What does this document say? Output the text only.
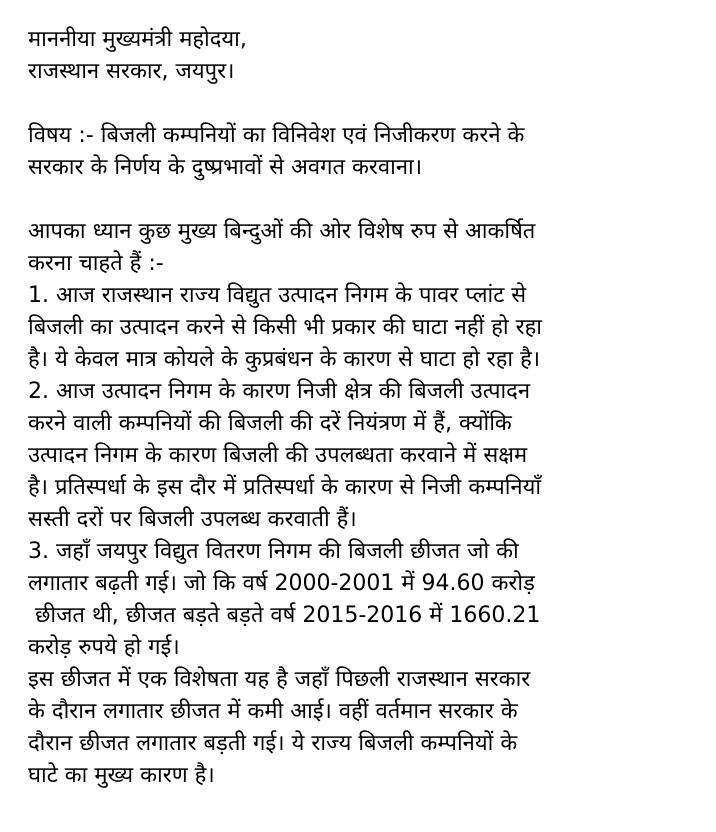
माननीया मुख्यमंत्री महोदया,
राजस्थान सरकार, जयपुर।
विषय :- बिजली कम्पनियों का विनिवेश एवं निजीकरण करने के
सरकार के निर्णय के दुष्प्रभावों से अवगत करवाना।
आपका ध्यान कुछ मुख्य बिन्दुओं की ओर विशेष रुप से आकर्षित
करना चाहते हैं :-
1. आज राजस्थान राज्य विद्युत उत्पादन निगम के पावर प्लांट से
बिजली का उत्पादन करने से किसी भी प्रकार की घाटा नहीं हो रहा
है। ये केवल मात्र कोयले के कुप्रबंधन के कारण से घाटा हो रहा है।
2. आज उत्पादन निगम के कारण निजी क्षेत्र की बिजली उत्पादन
करने वाली कम्पनियों की बिजली की दरें नियंत्रण में हैं, क्योंकि
उत्पादन निगम के कारण बिजली की उपलब्धता करवाने में सक्षम
है। प्रतिस्पर्धा के इस दौर में प्रतिस्पर्धा के कारण से निजी कम्पनियाँ
सस्ती दरों पर बिजली उपलब्ध करवाती हैं।
3. जहाँ जयपुर विद्युत वितरण निगम की बिजली छीजत जो की
लगातार बढ़ती गई। जो कि वर्ष 2000-2001 में 94.60 करोड़
छीजत थी, छीजत बड़ते बड़ते वर्ष 2015-2016 में 1660.21
करोड़ रुपये हो गई।
इस छीजत में एक विशेषता यह है जहाँ पिछली राजस्थान सरकार
के दौरान लगातार छीजत में कमी आई। वहीं वर्तमान सरकार के
दौरान छीजत लगातार बड़ती गई। ये राज्य बिजली कम्पनियों के
घाटे का मुख्य कारण है।
